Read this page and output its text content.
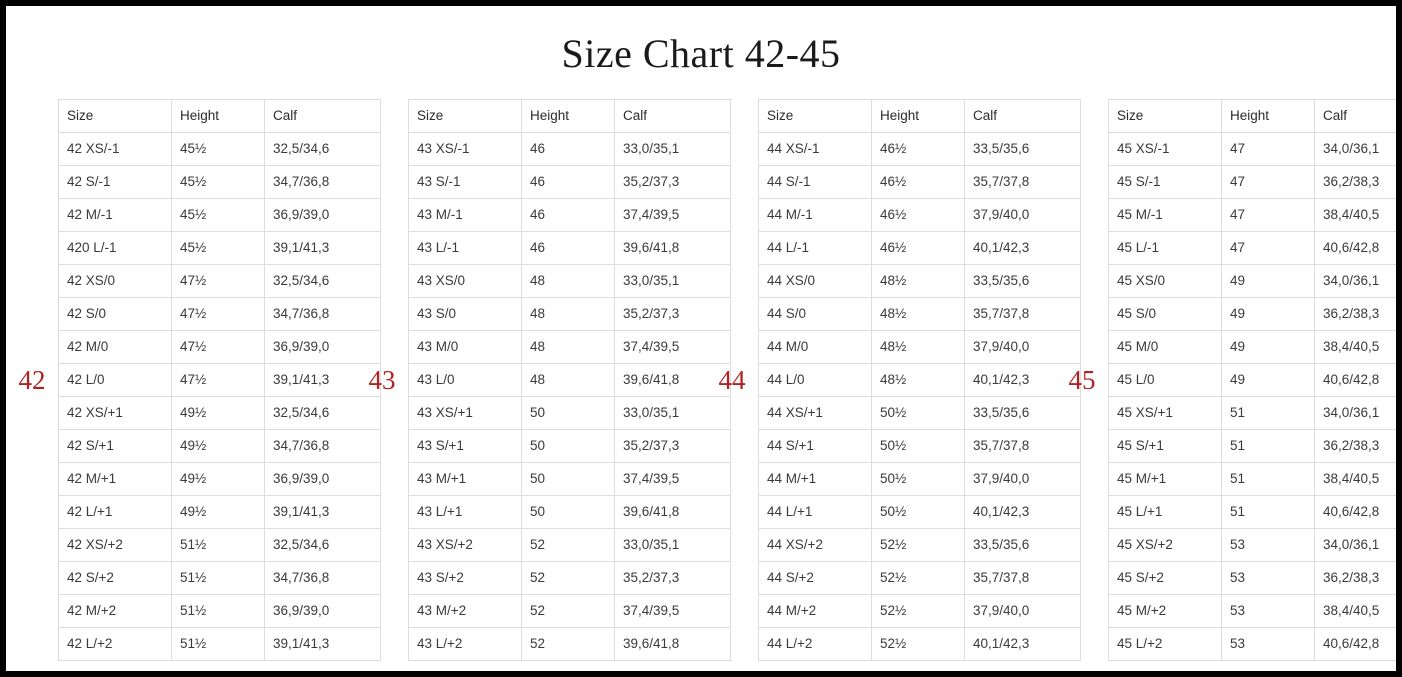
Size Chart 42-45
42
Size	Height	Calf
42 XS/-1	45½	32,5/34,6
42 S/-1	45½	34,7/36,8
42 M/-1	45½	36,9/39,0
420 L/-1	45½	39,1/41,3
42 XS/0	47½	32,5/34,6
42 S/0	47½	34,7/36,8
42 M/0	47½	36,9/39,0
42 L/0	47½	39,1/41,3
42 XS/+1	49½	32,5/34,6
42 S/+1	49½	34,7/36,8
42 M/+1	49½	36,9/39,0
42 L/+1	49½	39,1/41,3
42 XS/+2	51½	32,5/34,6
42 S/+2	51½	34,7/36,8
42 M/+2	51½	36,9/39,0
42 L/+2	51½	39,1/41,3
43
Size	Height	Calf
43 XS/-1	46	33,0/35,1
43 S/-1	46	35,2/37,3
43 M/-1	46	37,4/39,5
43 L/-1	46	39,6/41,8
43 XS/0	48	33,0/35,1
43 S/0	48	35,2/37,3
43 M/0	48	37,4/39,5
43 L/0	48	39,6/41,8
43 XS/+1	50	33,0/35,1
43 S/+1	50	35,2/37,3
43 M/+1	50	37,4/39,5
43 L/+1	50	39,6/41,8
43 XS/+2	52	33,0/35,1
43 S/+2	52	35,2/37,3
43 M/+2	52	37,4/39,5
43 L/+2	52	39,6/41,8
44
Size	Height	Calf
44 XS/-1	46½	33,5/35,6
44 S/-1	46½	35,7/37,8
44 M/-1	46½	37,9/40,0
44 L/-1	46½	40,1/42,3
44 XS/0	48½	33,5/35,6
44 S/0	48½	35,7/37,8
44 M/0	48½	37,9/40,0
44 L/0	48½	40,1/42,3
44 XS/+1	50½	33,5/35,6
44 S/+1	50½	35,7/37,8
44 M/+1	50½	37,9/40,0
44 L/+1	50½	40,1/42,3
44 XS/+2	52½	33,5/35,6
44 S/+2	52½	35,7/37,8
44 M/+2	52½	37,9/40,0
44 L/+2	52½	40,1/42,3
45
Size	Height	Calf
45 XS/-1	47	34,0/36,1
45 S/-1	47	36,2/38,3
45 M/-1	47	38,4/40,5
45 L/-1	47	40,6/42,8
45 XS/0	49	34,0/36,1
45 S/0	49	36,2/38,3
45 M/0	49	38,4/40,5
45 L/0	49	40,6/42,8
45 XS/+1	51	34,0/36,1
45 S/+1	51	36,2/38,3
45 M/+1	51	38,4/40,5
45 L/+1	51	40,6/42,8
45 XS/+2	53	34,0/36,1
45 S/+2	53	36,2/38,3
45 M/+2	53	38,4/40,5
45 L/+2	53	40,6/42,8
